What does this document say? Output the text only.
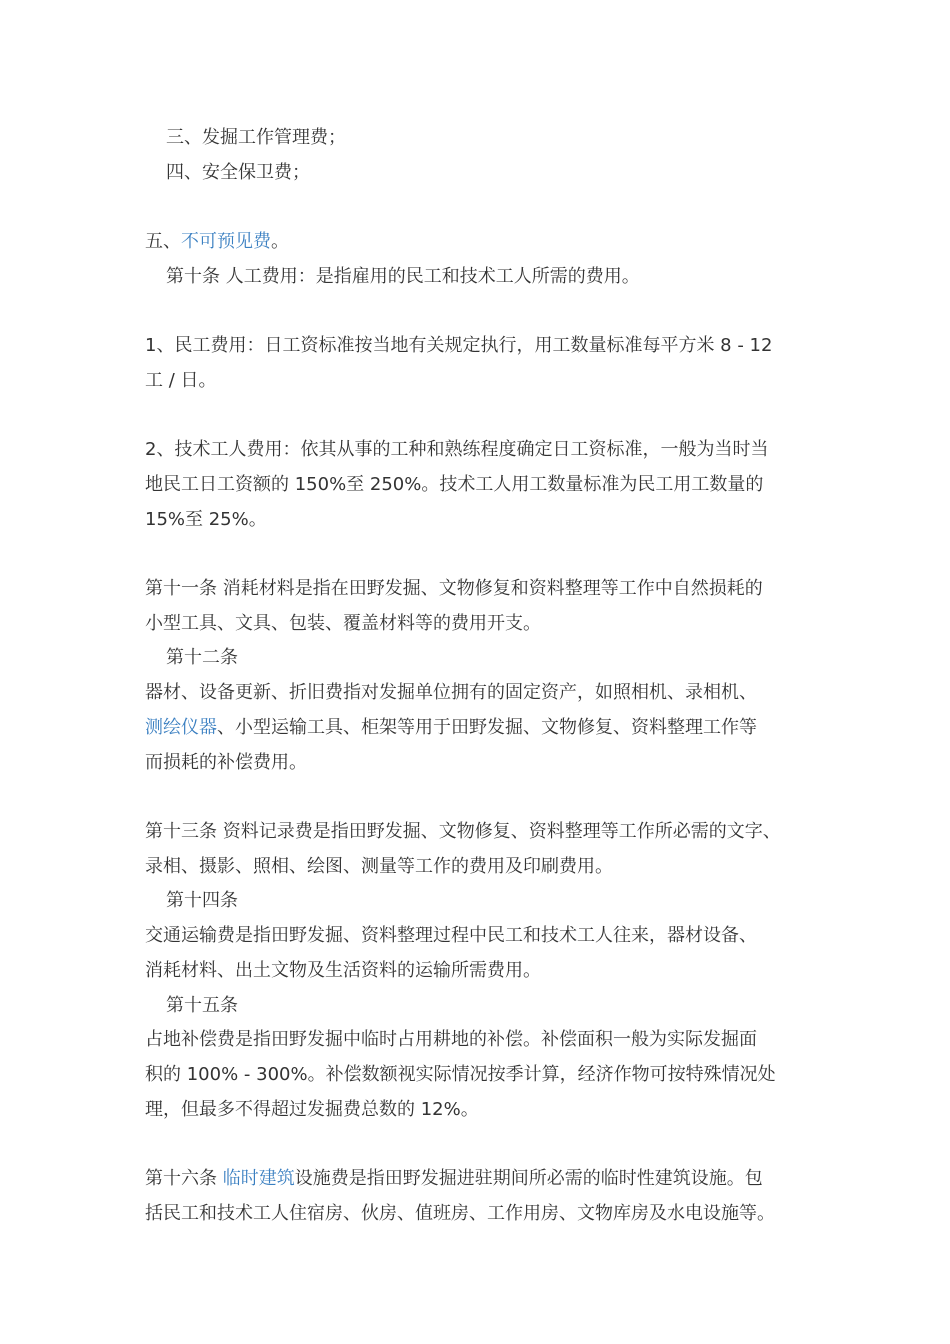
三、发掘工作管理费；

四、安全保卫费；

五、不可预见费。

第十条 人工费用：是指雇用的民工和技术工人所需的费用。

1、民工费用：日工资标准按当地有关规定执行，用工数量标准每平方米 8 - 12

工 / 日。

2、技术工人费用：依其从事的工种和熟练程度确定日工资标准，一般为当时当

地民工日工资额的 150%至 250%。技术工人用工数量标准为民工用工数量的

15%至 25%。

第十一条 消耗材料是指在田野发掘、文物修复和资料整理等工作中自然损耗的

小型工具、文具、包装、覆盖材料等的费用开支。

第十二条

器材、设备更新、折旧费指对发掘单位拥有的固定资产，如照相机、录相机、

测绘仪器、小型运输工具、柜架等用于田野发掘、文物修复、资料整理工作等

而损耗的补偿费用。

第十三条 资料记录费是指田野发掘、文物修复、资料整理等工作所必需的文字、

录相、摄影、照相、绘图、测量等工作的费用及印刷费用。

第十四条

交通运输费是指田野发掘、资料整理过程中民工和技术工人往来，器材设备、

消耗材料、出土文物及生活资料的运输所需费用。

第十五条

占地补偿费是指田野发掘中临时占用耕地的补偿。补偿面积一般为实际发掘面

积的 100% - 300%。补偿数额视实际情况按季计算，经济作物可按特殊情况处

理，但最多不得超过发掘费总数的 12%。

第十六条 临时建筑设施费是指田野发掘进驻期间所必需的临时性建筑设施。包

括民工和技术工人住宿房、伙房、值班房、工作用房、文物库房及水电设施等。
